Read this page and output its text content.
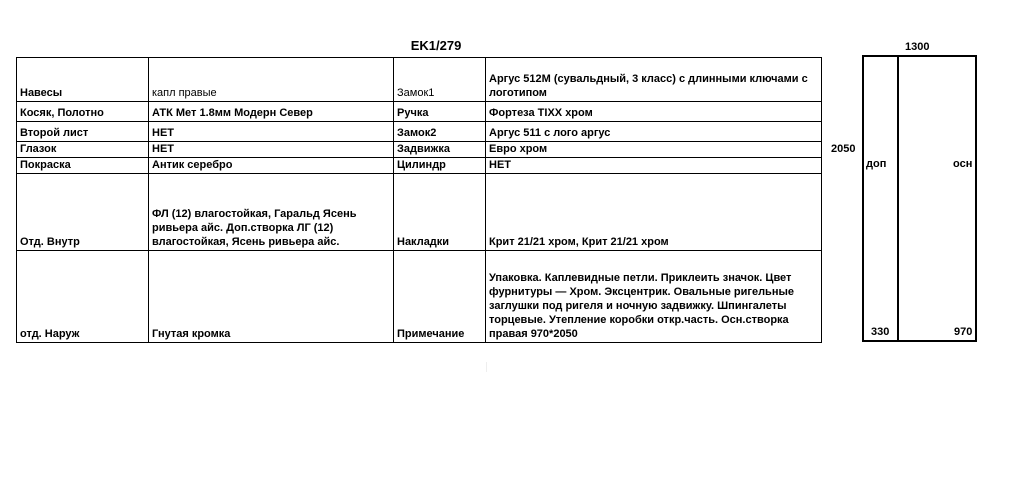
EK1/279
Навесы	капл правые	Замок1	Аргус 512М (сувальдный, 3 класс) с длинными ключами с логотипом
Косяк, Полотно	АТК Мет 1.8мм Модерн Север	Ручка	Фортеза TIXX хром
Второй лист	НЕТ	Замок2	Аргус 511 с лого аргус
Глазок	НЕТ	Задвижка	Евро хром
Покраска	Антик серебро	Цилиндр	НЕТ
Отд. Внутр	ФЛ (12) влагостойкая, Гаральд Ясень ривьера айс. Доп.створка ЛГ (12) влагостойкая, Ясень ривьера айс.	Накладки	Крит 21/21 хром, Крит 21/21 хром
отд. Наруж	Гнутая кромка	Примечание	Упаковка. Каплевидные петли. Приклеить значок. Цвет фурнитуры — Хром. Эксцентрик. Овальные ригельные заглушки под ригеля и ночную задвижку. Шпингалеты торцевые. Утепление коробки откр.часть. Осн.створка правая 970*2050
1300
2050
доп	осн
330	970
